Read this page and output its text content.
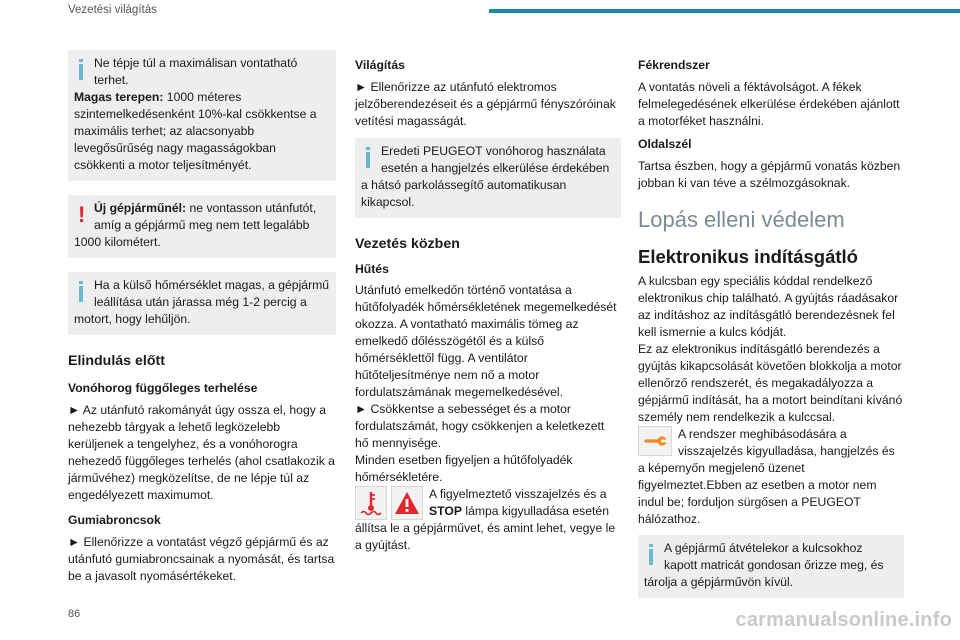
Vezetési világítás

Ne tépje túl a maximálisan vontatható terhet.
Magas terepen: 1000 méteres szintemelkedésenként 10%-kal csökkentse a maximális terhet; az alacsonyabb levegősűrűség nagy magasságokban csökkenti a motor teljesítményét.

! Új gépjárműnél: ne vontasson utánfutót, amíg a gépjármű meg nem tett legalább 1000 kilométert.

Ha a külső hőmérséklet magas, a gépjármű leállítása után járassa még 1-2 percig a motort, hogy lehűljön.

Elindulás előtt
Vonóhorog függőleges terhelése

► Az utánfutó rakományát úgy ossza el, hogy a nehezebb tárgyak a lehető legközelebb kerüljenek a tengelyhez, és a vonóhorogra nehezedő függőleges terhelés (ahol csatlakozik a járművéhez) megközelítse, de ne lépje túl az engedélyezett maximumot.

Gumiabroncsok

► Ellenőrizze a vontatást végző gépjármű és az utánfutó gumiabroncsainak a nyomását, és tartsa be a javasolt nyomásértékeket.

Világítás

► Ellenőrizze az utánfutó elektromos jelzőberendezéseit és a gépjármű fényszóróinak vetítési magasságát.

Eredeti PEUGEOT vonóhorog használata esetén a hangjelzés elkerülése érdekében a hátsó parkolássegítő automatikusan kikapcsol.

Vezetés közben
Hűtés

Utánfutó emelkedőn történő vontatása a hűtőfolyadék hőmérsékletének megemelkedését okozza. A vontatható maximális tömeg az emelkedő dőlésszögétől és a külső hőmérséklettől függ. A ventilátor hűtőteljesítménye nem nő a motor fordulatszámának megemelkedésével.

► Csökkentse a sebességet és a motor fordulatszámát, hogy csökkenjen a keletkezett hő mennyisége.

Minden esetben figyeljen a hűtőfolyadék hőmérsékletére.

A figyelmeztető visszajelzés és a STOP lámpa kigyulladása esetén állítsa le a gépjárművet, és amint lehet, vegye le a gyújtást.

Fékrendszer

A vontatás növeli a féktávolságot. A fékek felmelegedésének elkerülése érdekében ajánlott a motorféket használni.

Oldalszél

Tartsa észben, hogy a gépjármű vonatás közben jobban ki van téve a szélmozgásoknak.

Lopás elleni védelem
Elektronikus indításgátló

A kulcsban egy speciális kóddal rendelkező elektronikus chip található. A gyújtás ráadásakor az indításhoz az indításgátló berendezésnek fel kell ismernie a kulcs kódját.

Ez az elektronikus indításgátló berendezés a gyújtás kikapcsolását követően blokkolja a motor ellenőrző rendszerét, és megakadályozza a gépjármű indítását, ha a motort beindítani kívánó személy nem rendelkezik a kulccsal.

A rendszer meghibásodására a visszajelzés kigyulladása, hangjelzés és a képernyőn megjelenő üzenet figyelmeztet.Ebben az esetben a motor nem indul be; forduljon sürgősen a PEUGEOT hálózathoz.

A gépjármű átvételekor a kulcsokhoz kapott matricát gondosan őrizze meg, és tárolja a gépjárművön kívül.

86	carmanualsonline.info
